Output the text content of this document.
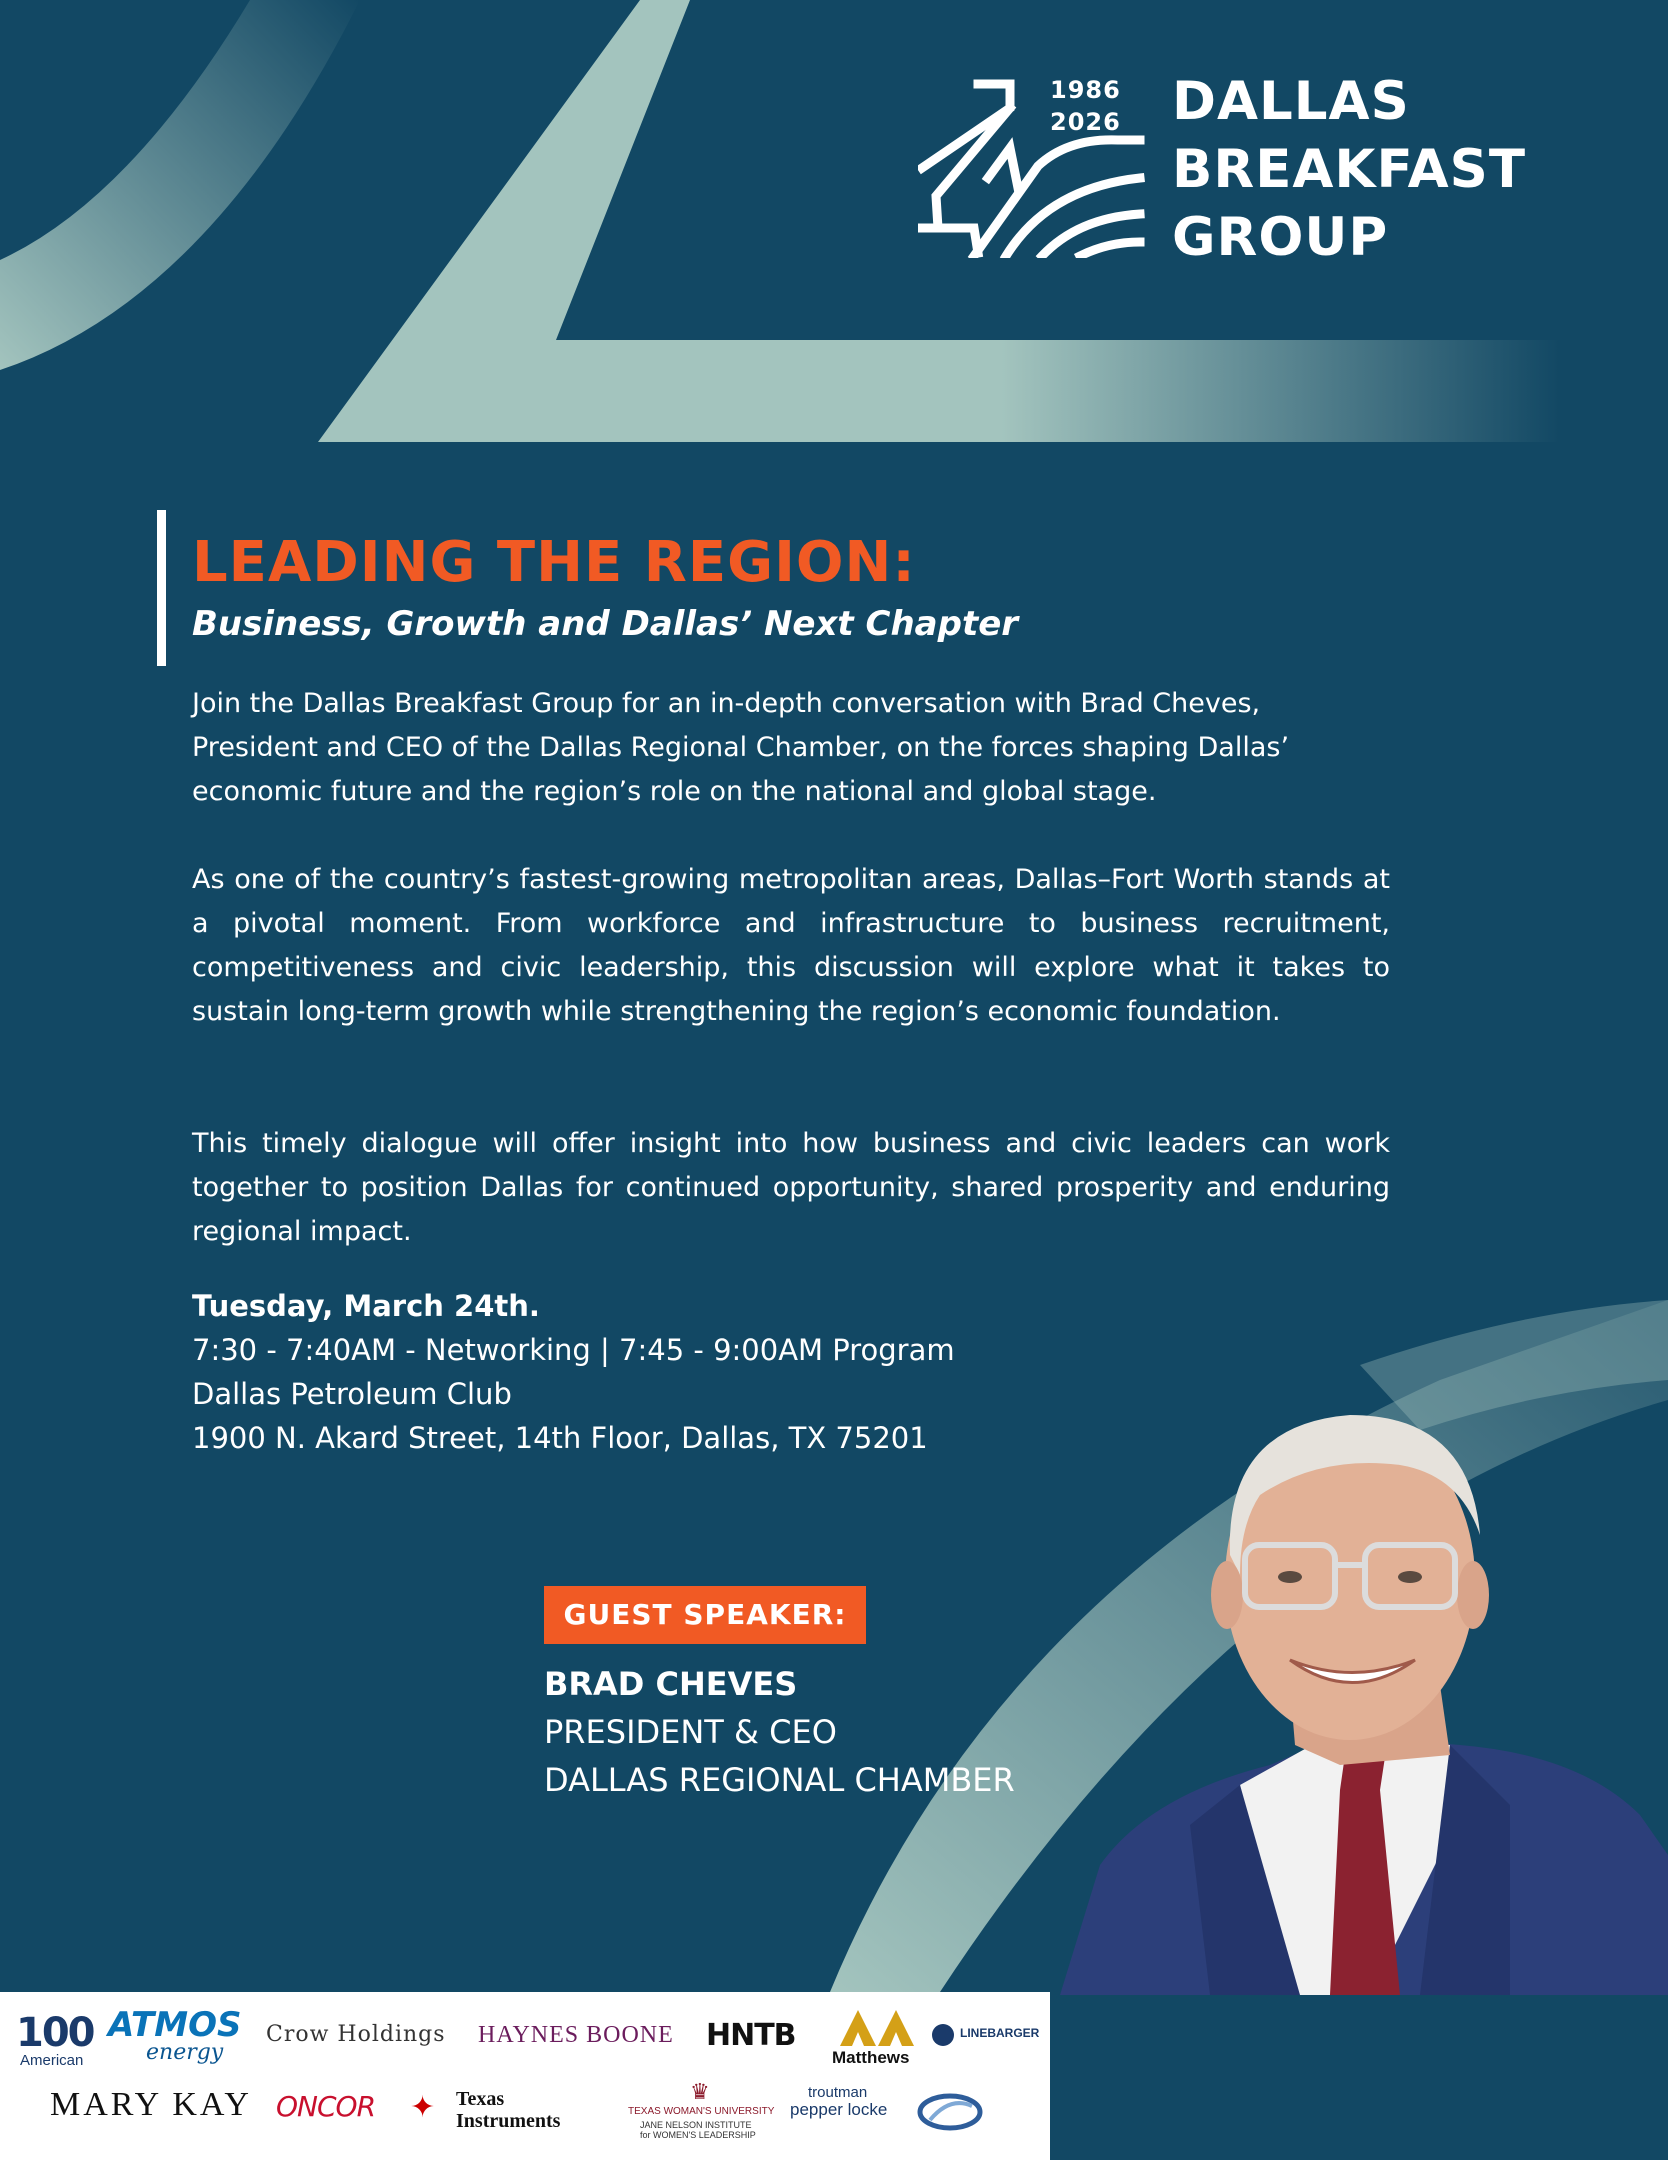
1986
2026 DALLAS
BREAKFAST
GROUP
LEADING THE REGION:
Business, Growth and Dallas’ Next Chapter

Join the Dallas Breakfast Group for an in-depth conversation with Brad Cheves, President and CEO of the Dallas Regional Chamber, on the forces shaping Dallas’ economic future and the region’s role on the national and global stage.

As one of the country’s fastest-growing metropolitan areas, Dallas–Fort Worth stands at a pivotal moment. From workforce and infrastructure to business recruitment, competitiveness and civic leadership, this discussion will explore what it takes to sustain long-term growth while strengthening the region’s economic foundation.

This timely dialogue will offer insight into how business and civic leaders can work together to position Dallas for continued opportunity, shared prosperity and enduring regional impact.

Tuesday, March 24th.
7:30 - 7:40AM - Networking | 7:45 - 9:00AM Program
Dallas Petroleum Club
1900 N. Akard Street, 14th Floor, Dallas, TX 75201
GUEST SPEAKER:
BRAD CHEVES
PRESIDENT & CEO
DALLAS REGIONAL CHAMBER
100
American
ATMOS
energy
Crow Holdings HAYNES BOONE HNTB
Matthews
LINEBARGER
MARY KAY ONCOR ✦ Texas
Instruments
♛
TEXAS WOMAN'S UNIVERSITY
JANE NELSON INSTITUTE
for WOMEN'S LEADERSHIP
troutman
pepper locke
